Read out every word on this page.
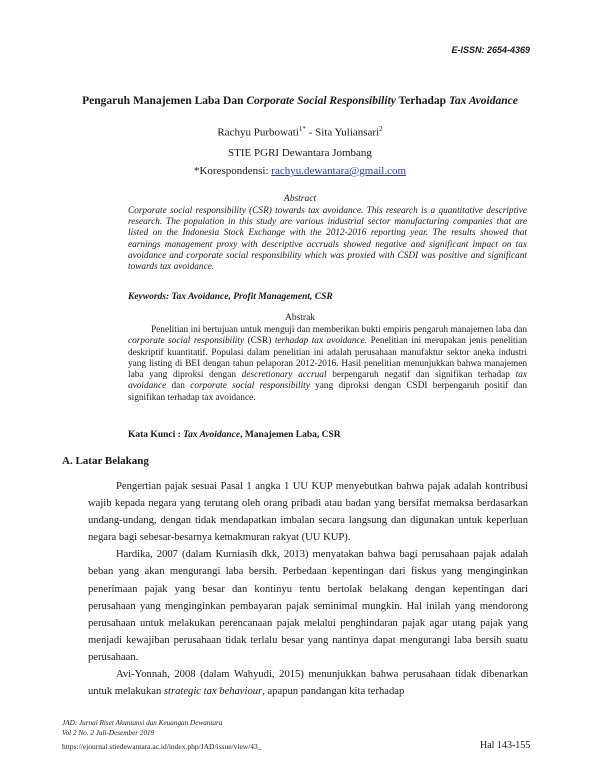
E-ISSN: 2654-4369
Pengaruh Manajemen Laba Dan Corporate Social Responsibility Terhadap Tax Avoidance
Rachyu Purbowati$^{1*}$ - Sita Yuliansari$^2$
STIE PGRI Dewantara Jombang
*Korespondensi: rachyu.dewantara@gmail.com
Abstract
Corporate social responsibility (CSR) towards tax avoidance. This research is a quantitative descriptive research. The population in this study are various industrial sector manufacturing companies that are listed on the Indonesia Stock Exchange with the 2012-2016 reporting year. The results showed that earnings management proxy with descriptive accruals showed negative and significant impact on tax avoidance and corporate social responsibility which was proxied with CSDI was positive and significant towards tax avoidance.
Keywords: Tax Avoidance, Profit Management, CSR
Abstrak
Penelitian ini bertujuan untuk menguji dan memberikan bukti empiris pengaruh manajemen laba dan corporate social responsibility (CSR) terhadap tax avoidance. Penelitian ini merupakan jenis penelitian deskriptif kuantitatif. Populasi dalam penelitian ini adalah perusahaan manufaktur sektor aneka industri yang listing di BEI dengan tahun pelaporan 2012-2016. Hasil penelitian menunjukkan bahwa manajemen laba yang diproksi dengan descretionary accrual berpengaruh negatif dan signifikan terhadap tax avoidance dan corporate social responsibility yang diproksi dengan CSDI berpengaruh positif dan signifikan terhadap tax avoidance.
Kata Kunci : Tax Avoidance, Manajemen Laba, CSR
A. Latar Belakang

Pengertian pajak sesuai Pasal 1 angka 1 UU KUP menyebutkan bahwa pajak adalah kontribusi wajib kepada negara yang terutang oleh orang pribadi atau badan yang bersifat memaksa berdasarkan undang-undang, dengan tidak mendapatkan imbalan secara langsung dan digunakan untuk keperluan negara bagi sebesar-besarnya kemakmuran rakyat (UU KUP).

Hardika, 2007 (dalam Kurniasih dkk, 2013) menyatakan bahwa bagi perusahaan pajak adalah beban yang akan mengurangi laba bersih. Perbedaan kepentingan dari fiskus yang menginginkan penerimaan pajak yang besar dan kontinyu tentu bertolak belakang dengan kepentingan dari perusahaan yang menginginkan pembayaran pajak seminimal mungkin. Hal inilah yang mendorong perusahaan untuk melakukan perencanaan pajak melalui penghindaran pajak agar utang pajak yang menjadi kewajiban perusahaan tidak terlalu besar yang nantinya dapat mengurangi laba bersih suatu perusahaan.

Avi-Yonnah, 2008 (dalam Wahyudi, 2015) menunjukkan bahwa perusahaan tidak dibenarkan untuk melakukan strategic tax behaviour, apapun pandangan kita terhadap

JAD: Jurnal Riset Akuntansi dan Keuangan Dewantara
Vol 2 No. 2 Juli-Desember 2019
https://ejournal.stiedewantara.ac.id/index.php/JAD/issue/view/43_	Hal 143-155
